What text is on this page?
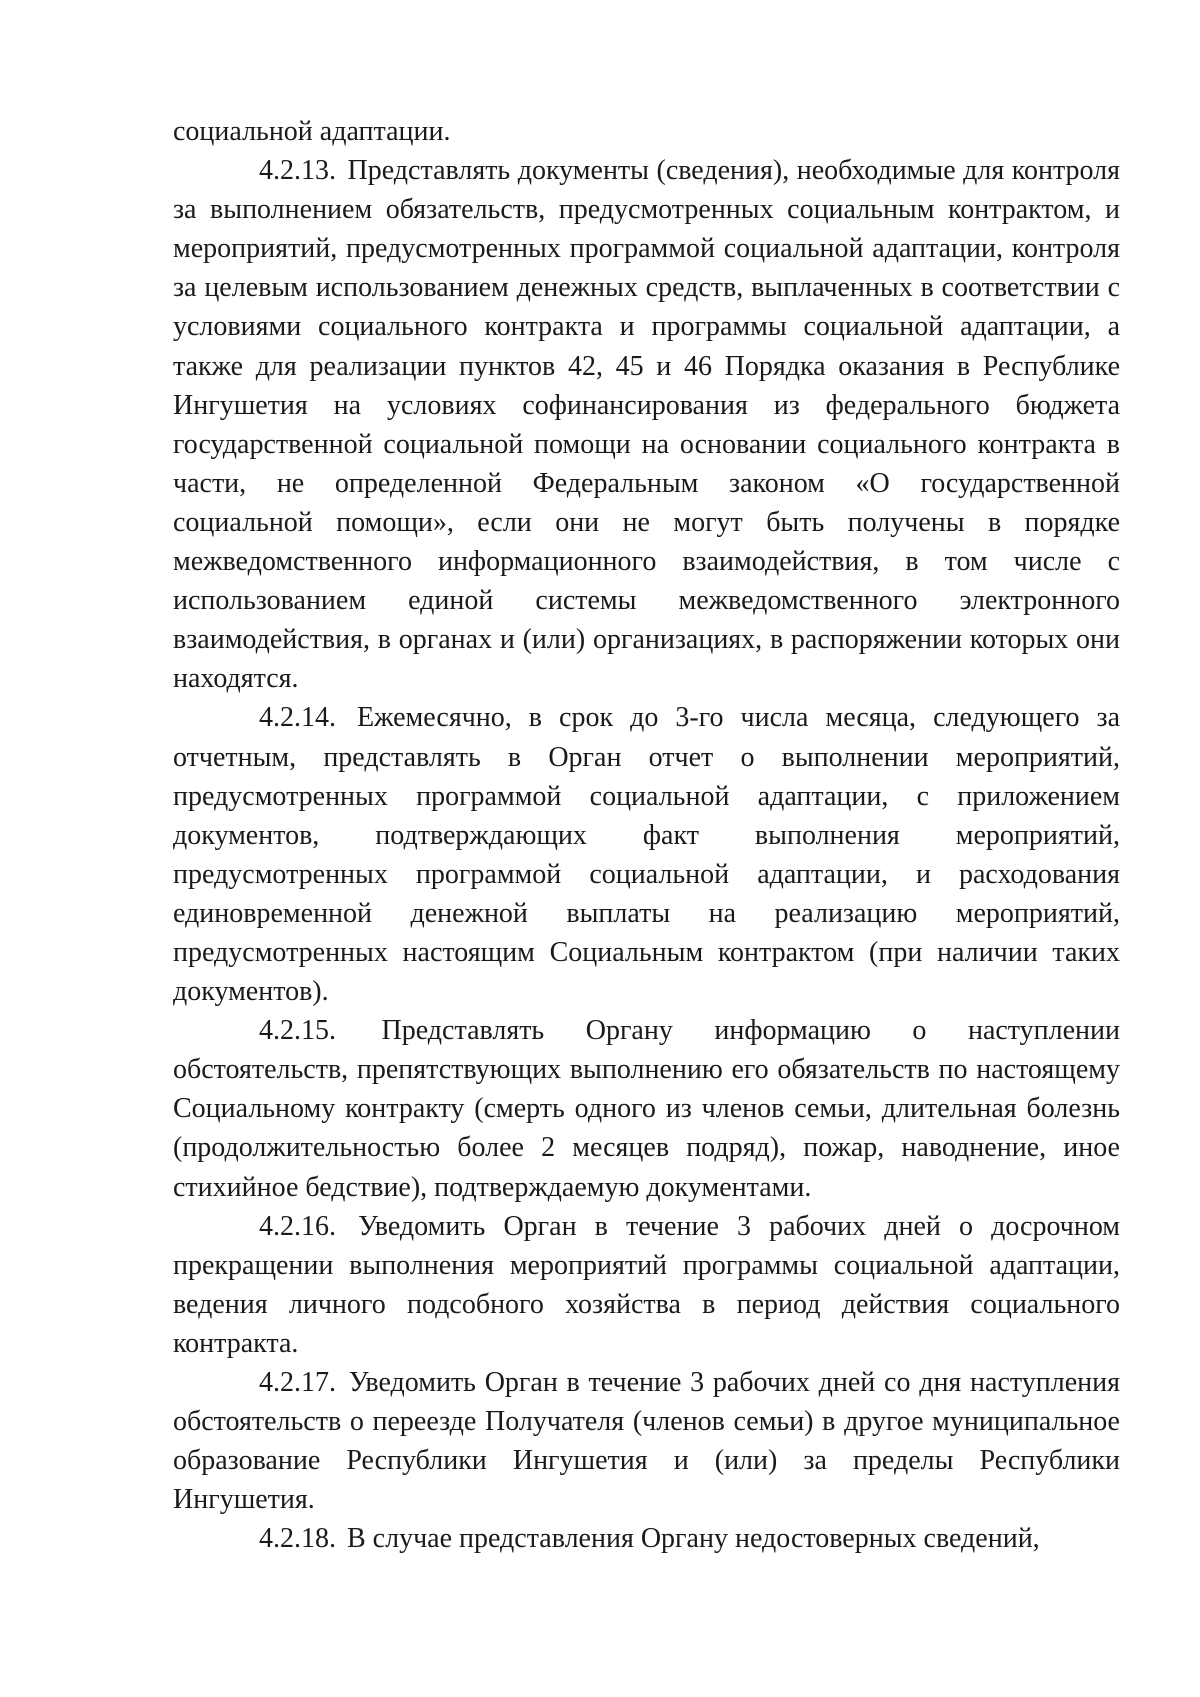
социальной адаптации.

4.2.13. Представлять документы (сведения), необходимые для контроля за выполнением обязательств, предусмотренных социальным контрактом, и мероприятий, предусмотренных программой социальной адаптации, контроля за целевым использованием денежных средств, выплаченных в соответствии с условиями социального контракта и программы социальной адаптации, а также для реализации пунктов 42, 45 и 46 Порядка оказания в Республике Ингушетия на условиях софинансирования из федерального бюджета государственной социальной помощи на основании социального контракта в части, не определенной Федеральным законом «О государственной социальной помощи», если они не могут быть получены в порядке межведомственного информационного взаимодействия, в том числе с использованием единой системы межведомственного электронного взаимодействия, в органах и (или) организациях, в распоряжении которых они находятся.

4.2.14. Ежемесячно, в срок до 3-го числа месяца, следующего за отчетным, представлять в Орган отчет о выполнении мероприятий, предусмотренных программой социальной адаптации, с приложением документов, подтверждающих факт выполнения мероприятий, предусмотренных программой социальной адаптации, и расходования единовременной денежной выплаты на реализацию мероприятий, предусмотренных настоящим Социальным контрактом (при наличии таких документов).

4.2.15. Представлять Органу информацию о наступлении обстоятельств, препятствующих выполнению его обязательств по настоящему Социальному контракту (смерть одного из членов семьи, длительная болезнь (продолжительностью более 2 месяцев подряд), пожар, наводнение, иное стихийное бедствие), подтверждаемую документами.

4.2.16. Уведомить Орган в течение 3 рабочих дней о досрочном прекращении выполнения мероприятий программы социальной адаптации, ведения личного подсобного хозяйства в период действия социального контракта.

4.2.17. Уведомить Орган в течение 3 рабочих дней со дня наступления обстоятельств о переезде Получателя (членов семьи) в другое муниципальное образование Республики Ингушетия и (или) за пределы Республики Ингушетия.

4.2.18. В случае представления Органу недостоверных сведений,
